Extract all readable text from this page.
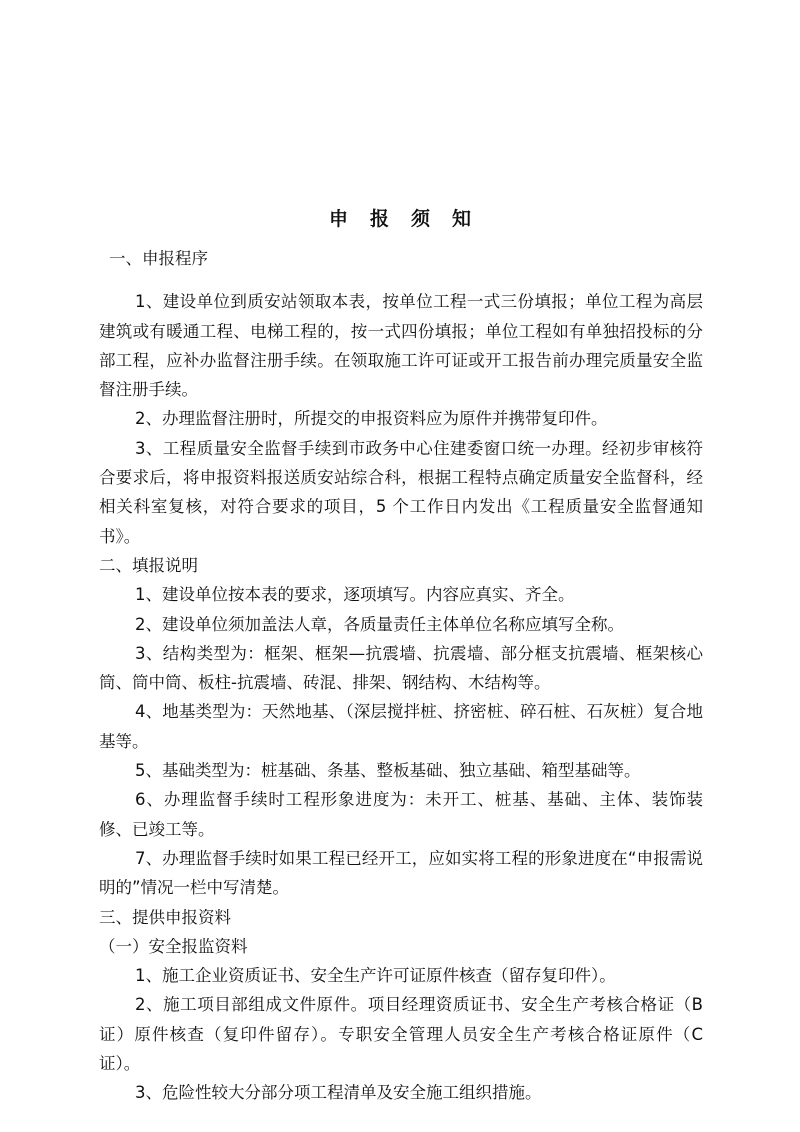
申报须知
一、申报程序

1、建设单位到质安站领取本表，按单位工程一式三份填报；单位工程为高层建筑或有暖通工程、电梯工程的，按一式四份填报；单位工程如有单独招投标的分部工程，应补办监督注册手续。在领取施工许可证或开工报告前办理完质量安全监督注册手续。

2、办理监督注册时，所提交的申报资料应为原件并携带复印件。

3、工程质量安全监督手续到市政务中心住建委窗口统一办理。经初步审核符合要求后，将申报资料报送质安站综合科，根据工程特点确定质量安全监督科，经相关科室复核，对符合要求的项目，5 个工作日内发出《工程质量安全监督通知书》。

二、填报说明

1、建设单位按本表的要求，逐项填写。内容应真实、齐全。

2、建设单位须加盖法人章，各质量责任主体单位名称应填写全称。

3、结构类型为：框架、框架—抗震墙、抗震墙、部分框支抗震墙、框架核心筒、筒中筒、板柱-抗震墙、砖混、排架、钢结构、木结构等。

4、地基类型为：天然地基、（深层搅拌桩、挤密桩、碎石桩、石灰桩）复合地基等。

5、基础类型为：桩基础、条基、整板基础、独立基础、箱型基础等。

6、办理监督手续时工程形象进度为：未开工、桩基、基础、主体、装饰装修、已竣工等。

7、办理监督手续时如果工程已经开工，应如实将工程的形象进度在“申报需说明的”情况一栏中写清楚。

三、提供申报资料
（一）安全报监资料

1、施工企业资质证书、安全生产许可证原件核查（留存复印件）。

2、施工项目部组成文件原件。项目经理资质证书、安全生产考核合格证（B证）原件核查（复印件留存）。专职安全管理人员安全生产考核合格证原件（C证）。

3、危险性较大分部分项工程清单及安全施工组织措施。
